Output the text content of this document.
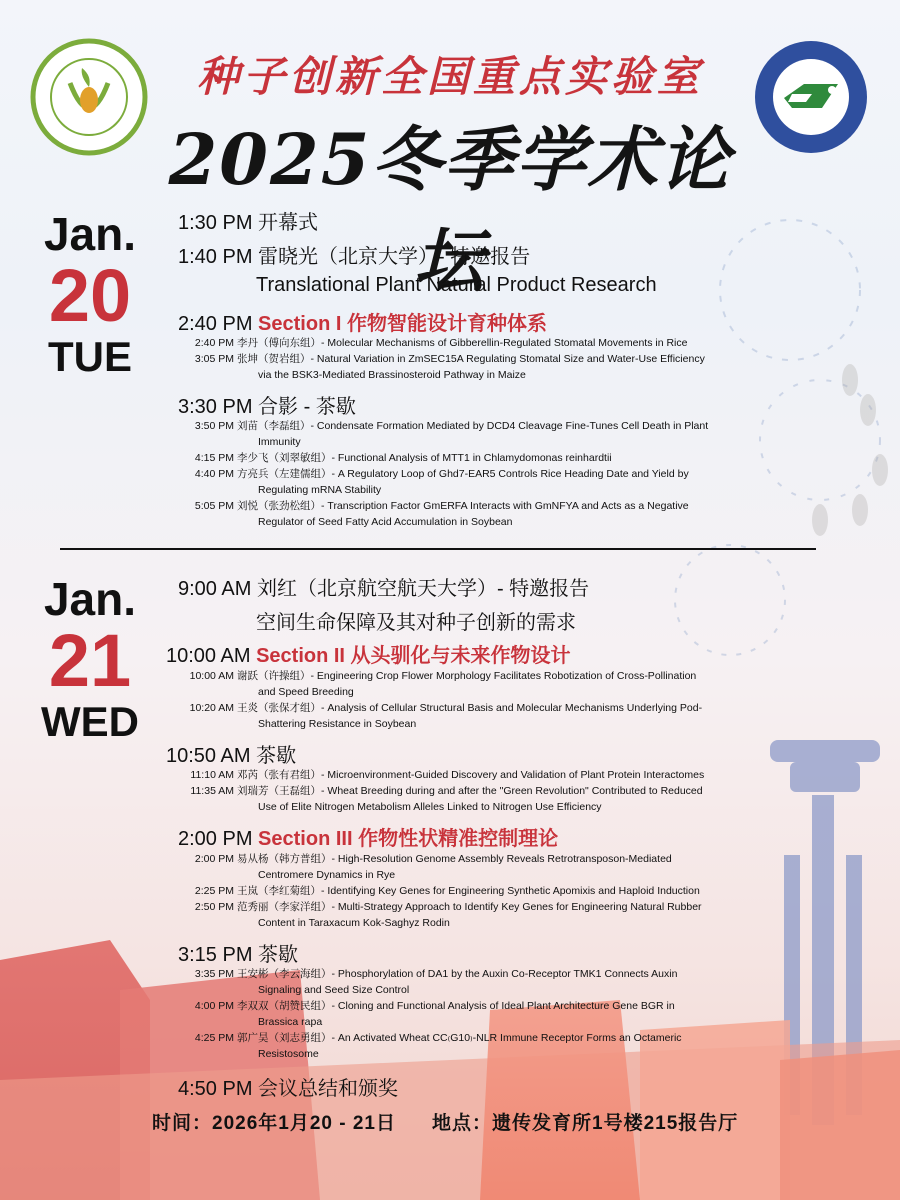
种子创新全国重点实验室
2025冬季学术论坛
Jan.
20
TUE
1:30 PM 开幕式
1:40 PM 雷晓光（北京大学）- 特邀报告
Translational Plant Natural Product Research
2:40 PM Section I 作物智能设计育种体系
2:40 PM 李丹（傅向东组）- Molecular Mechanisms of Gibberellin-Regulated Stomatal Movements in Rice
3:05 PM 张坤（贺岩组）- Natural Variation in ZmSEC15A Regulating Stomatal Size and Water-Use Efficiency
via the BSK3-Mediated Brassinosteroid Pathway in Maize
3:30 PM 合影 - 茶歇
3:50 PM 刘苗（李磊组）- Condensate Formation Mediated by DCD4 Cleavage Fine-Tunes Cell Death in Plant
Immunity
4:15 PM 李少飞（刘翠敏组）- Functional Analysis of MTT1 in Chlamydomonas reinhardtii
4:40 PM 方亮兵（左建儒组）- A Regulatory Loop of Ghd7-EAR5 Controls Rice Heading Date and Yield by
Regulating mRNA Stability
5:05 PM 刘悦（张劲松组）- Transcription Factor GmERFA Interacts with GmNFYA and Acts as a Negative
Regulator of Seed Fatty Acid Accumulation in Soybean
Jan.
21
WED
9:00 AM 刘红（北京航空航天大学）- 特邀报告
空间生命保障及其对种子创新的需求
10:00 AM Section II 从头驯化与未来作物设计
10:00 AM 谢跃（许操组）- Engineering Crop Flower Morphology Facilitates Robotization of Cross-Pollination
and Speed Breeding
10:20 AM 王炎（张保才组）- Analysis of Cellular Structural Basis and Molecular Mechanisms Underlying Pod-
Shattering Resistance in Soybean
10:50 AM 茶歇
11:10 AM 邓芮（张有君组）- Microenvironment-Guided Discovery and Validation of Plant Protein Interactomes
11:35 AM 刘瑞芳（王磊组）- Wheat Breeding during and after the "Green Revolution" Contributed to Reduced
Use of Elite Nitrogen Metabolism Alleles Linked to Nitrogen Use Efficiency
2:00 PM Section III 作物性状精准控制理论
2:00 PM 易从杨（韩方普组）- High-Resolution Genome Assembly Reveals Retrotransposon-Mediated
Centromere Dynamics in Rye
2:25 PM 王岚（李红菊组）- Identifying Key Genes for Engineering Synthetic Apomixis and Haploid Induction
2:50 PM 范秀丽（李家洋组）- Multi-Strategy Approach to Identify Key Genes for Engineering Natural Rubber
Content in Taraxacum Kok-Saghyz Rodin
3:15 PM 茶歇
3:35 PM 王安彬（李云海组）- Phosphorylation of DA1 by the Auxin Co-Receptor TMK1 Connects Auxin
Signaling and Seed Size Control
4:00 PM 李双双（胡赞民组）- Cloning and Functional Analysis of Ideal Plant Architecture Gene BGR in
Brassica rapa
4:25 PM 郭广昊（刘志勇组）- An Activated Wheat CC₍G10₎-NLR Immune Receptor Forms an Octameric
Resistosome
4:50 PM 会议总结和颁奖
时间：2026年1月20 - 21日 地点：遗传发育所1号楼215报告厅
